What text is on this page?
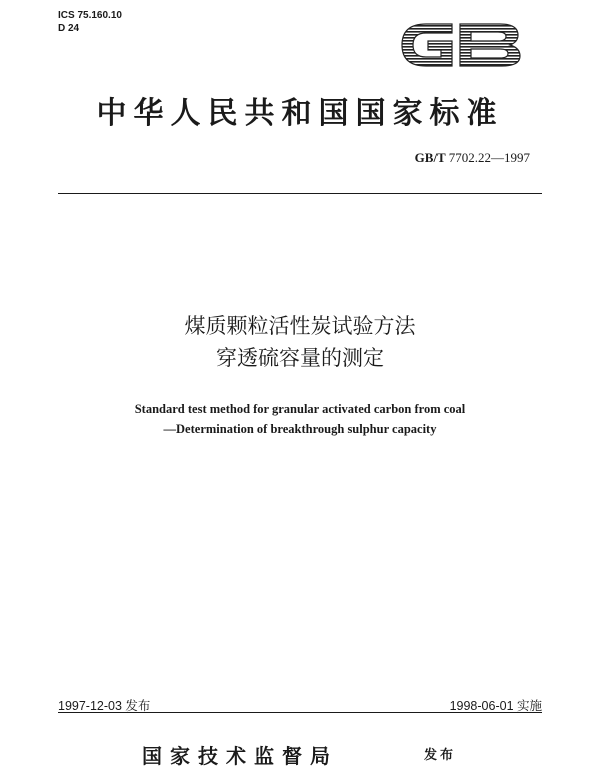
ICS 75.160.10
D 24
中华人民共和国国家标准
GB/T 7702.22—1997
煤质颗粒活性炭试验方法
穿透硫容量的测定
Standard test method for granular activated carbon from coal
—Determination of breakthrough sulphur capacity
1997-12-03 发布	1998-06-01 实施
国家技术监督局	发布
